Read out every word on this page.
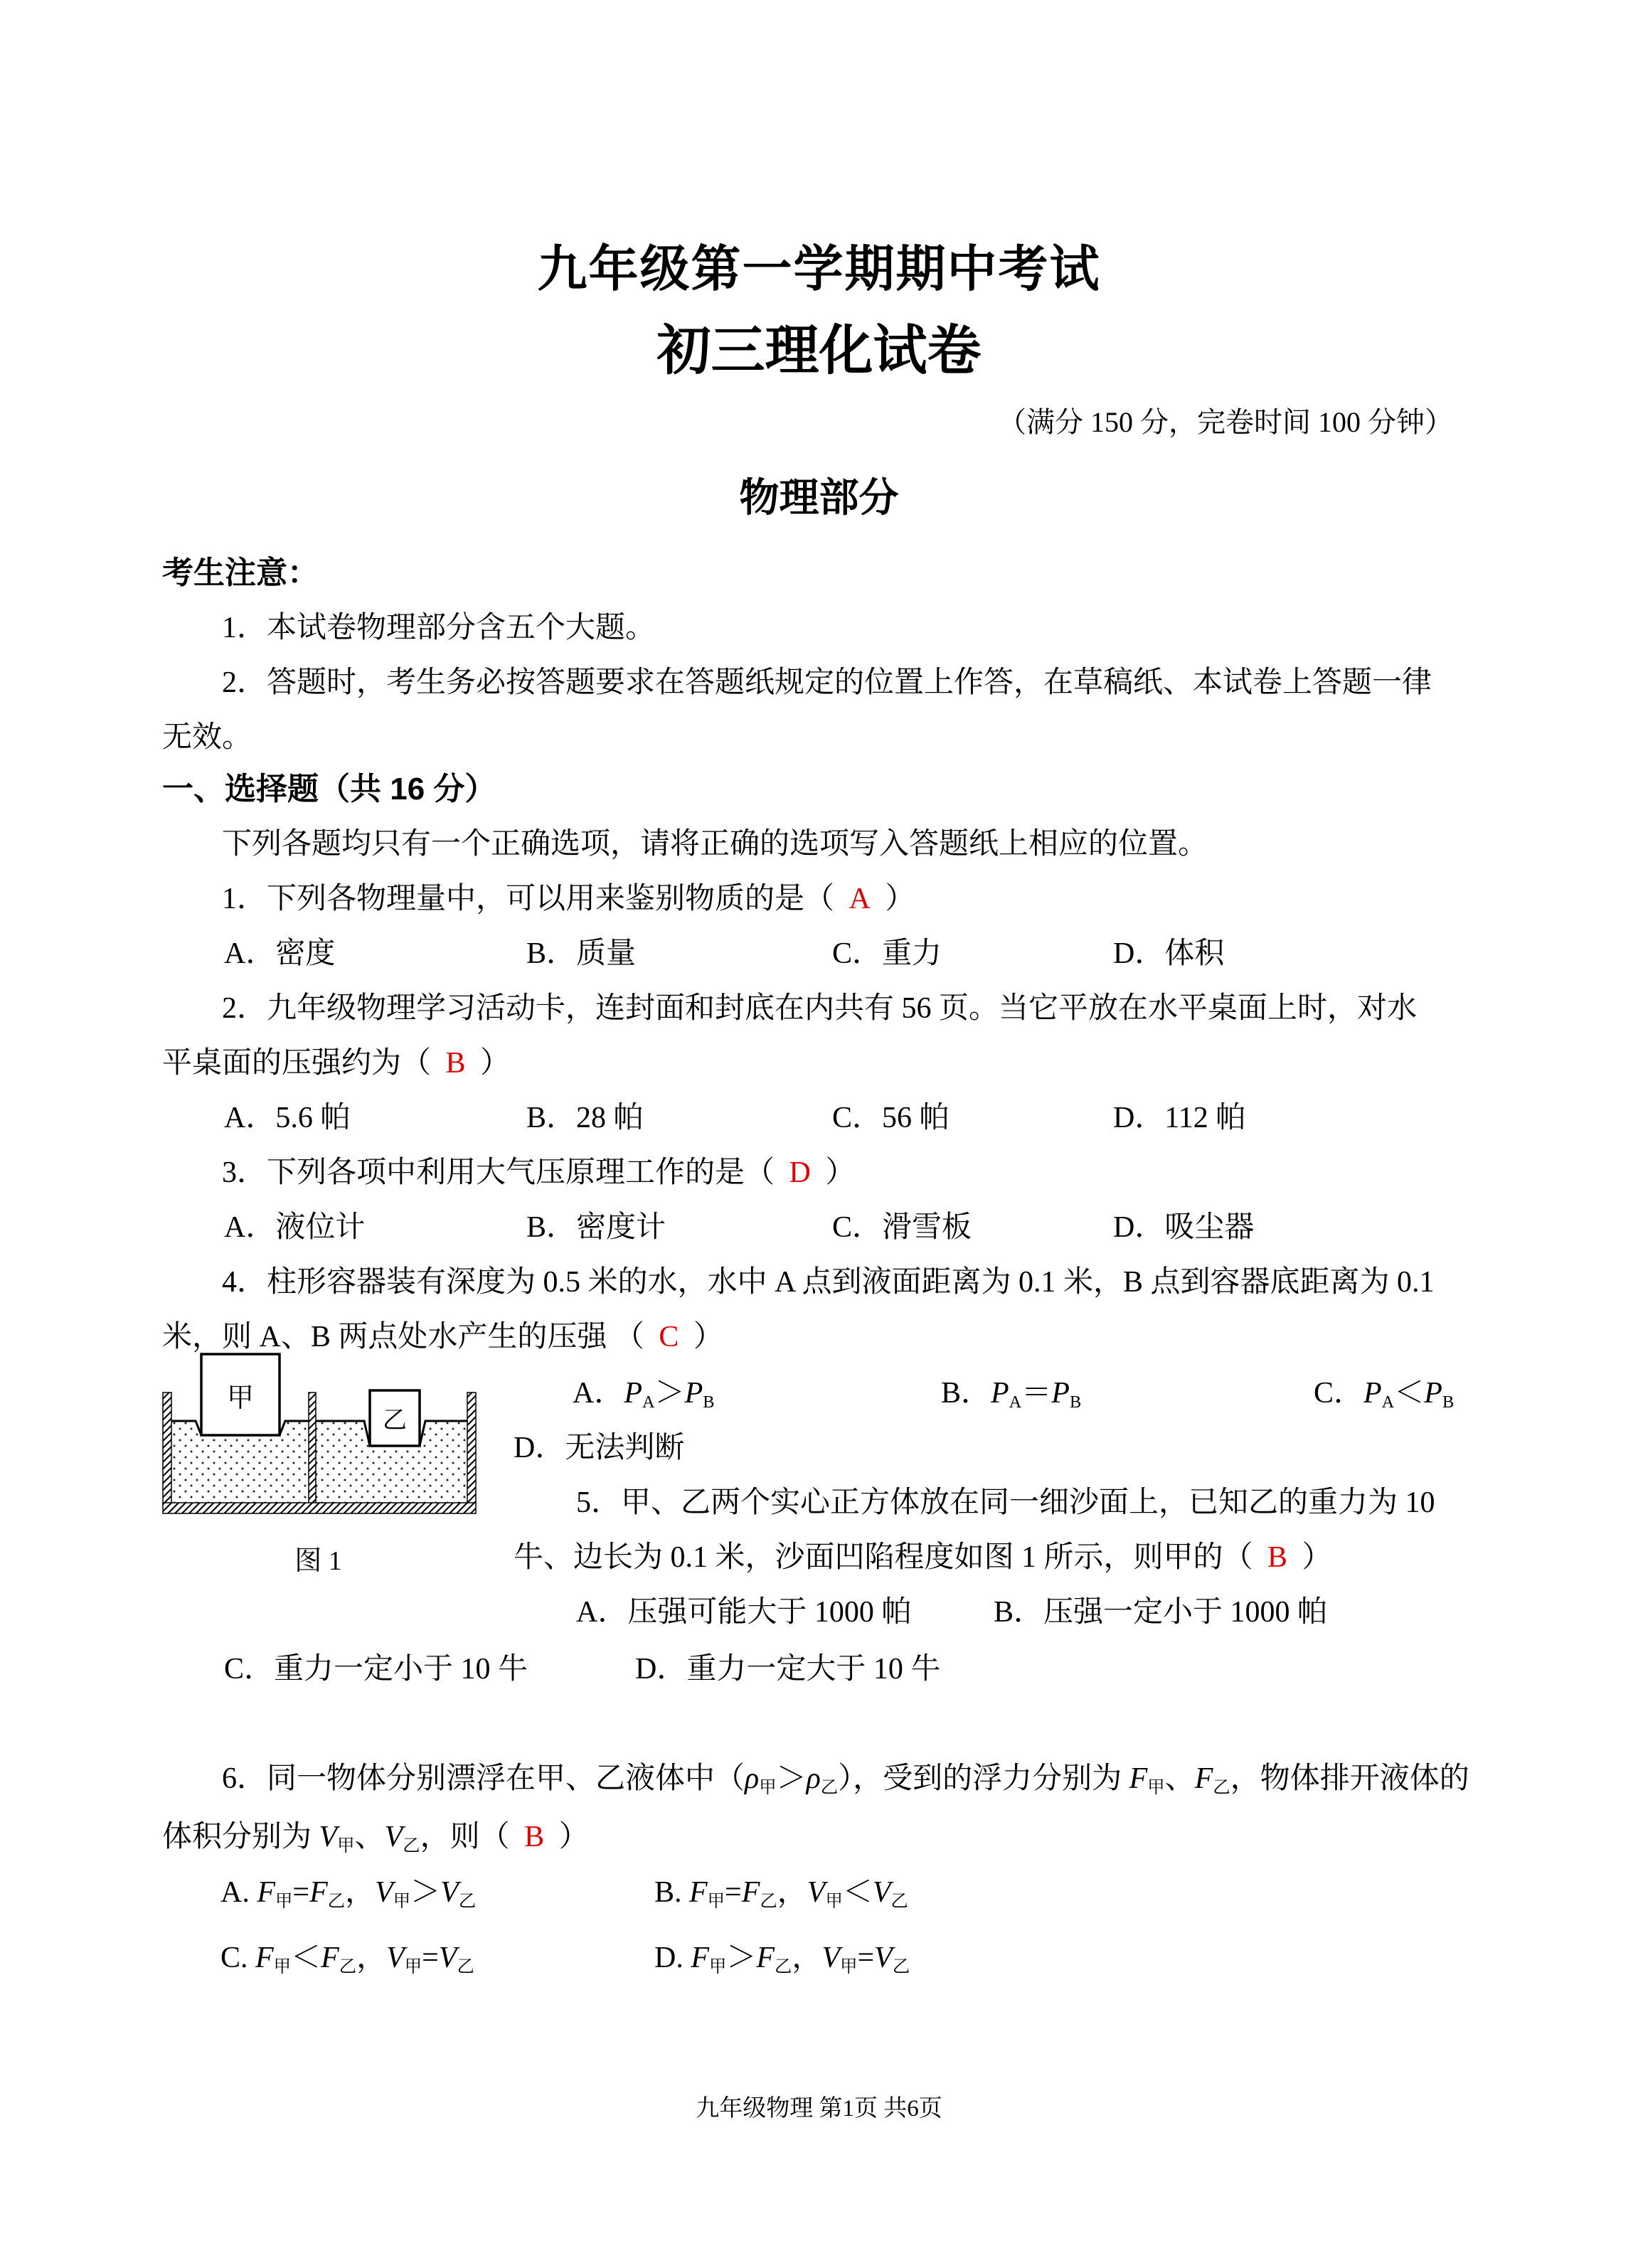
九年级第一学期期中考试
初三理化试卷
（满分 150 分，完卷时间 100 分钟）
物理部分
考生注意：
1．本试卷物理部分含五个大题。
2．答题时，考生务必按答题要求在答题纸规定的位置上作答，在草稿纸、本试卷上答题一律
无效。
一、选择题（共 16 分）
下列各题均只有一个正确选项，请将正确的选项写入答题纸上相应的位置。
1．下列各物理量中，可以用来鉴别物质的是（ A ）
A．密度	B．质量	C．重力	D．体积
2．九年级物理学习活动卡，连封面和封底在内共有 56 页。当它平放在水平桌面上时，对水
平桌面的压强约为（ B ）
A．5.6 帕	B．28 帕	C．56 帕	D．112 帕
3．下列各项中利用大气压原理工作的是（ D ）
A．液位计	B．密度计	C．滑雪板	D．吸尘器
4．柱形容器装有深度为 0.5 米的水，水中 A 点到液面距离为 0.1 米，B 点到容器底距离为 0.1
米，则 A、B 两点处水产生的压强 （ C ）
甲
乙
图 1
A．$P_A>P_B$	B．$P_A=P_B$	C．$P_A<P_B$
D．无法判断
5．甲、乙两个实心正方体放在同一细沙面上，已知乙的重力为 10
牛、边长为 0.1 米，沙面凹陷程度如图 1 所示，则甲的（ B ）
A．压强可能大于 1000 帕	B．压强一定小于 1000 帕
C．重力一定小于 10 牛	D．重力一定大于 10 牛
6．同一物体分别漂浮在甲、乙液体中$(\rho_甲>\rho_乙)$，受到的浮力分别为 $F_甲$、$F_乙$，物体排开液体的
体积分别为 $V_甲$、$V_乙$，则（ B ）
A. $F_甲=F_乙$，$V_甲>V_乙$	B. $F_甲=F_乙$，$V_甲<V_乙$
C. $F_甲<F_乙$，$V_甲=V_乙$	D. $F_甲>F_乙$，$V_甲=V_乙$
九年级物理 第1页 共6页
